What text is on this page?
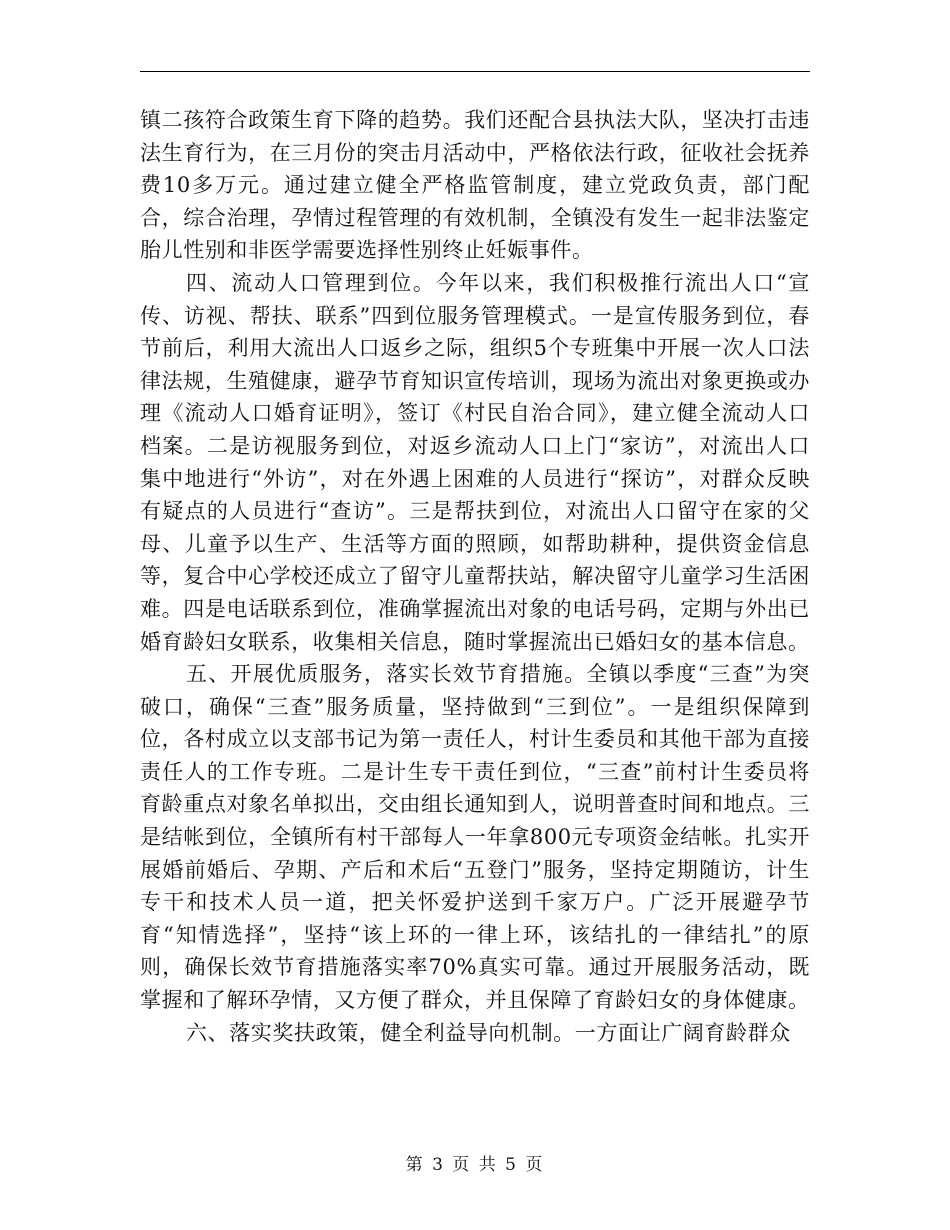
镇二孩符合政策生育下降的趋势。我们还配合县执法大队，坚决打击违法生育行为，在三月份的突击月活动中，严格依法行政，征收社会抚养费10多万元。通过建立健全严格监管制度，建立党政负责，部门配合，综合治理，孕情过程管理的有效机制，全镇没有发生一起非法鉴定胎儿性别和非医学需要选择性别终止妊娠事件。

四、流动人口管理到位。今年以来，我们积极推行流出人口“宣传、访视、帮扶、联系”四到位服务管理模式。一是宣传服务到位，春节前后，利用大流出人口返乡之际，组织5个专班集中开展一次人口法律法规，生殖健康，避孕节育知识宣传培训，现场为流出对象更换或办理《流动人口婚育证明》，签订《村民自治合同》，建立健全流动人口档案。二是访视服务到位，对返乡流动人口上门“家访”，对流出人口集中地进行“外访”，对在外遇上困难的人员进行“探访”，对群众反映有疑点的人员进行“查访”。三是帮扶到位，对流出人口留守在家的父母、儿童予以生产、生活等方面的照顾，如帮助耕种，提供资金信息等，复合中心学校还成立了留守儿童帮扶站，解决留守儿童学习生活困难。四是电话联系到位，准确掌握流出对象的电话号码，定期与外出已婚育龄妇女联系，收集相关信息，随时掌握流出已婚妇女的基本信息。

五、开展优质服务，落实长效节育措施。全镇以季度“三查”为突破口，确保“三查”服务质量，坚持做到“三到位”。一是组织保障到位，各村成立以支部书记为第一责任人，村计生委员和其他干部为直接责任人的工作专班。二是计生专干责任到位，“三查”前村计生委员将育龄重点对象名单拟出，交由组长通知到人，说明普查时间和地点。三是结帐到位，全镇所有村干部每人一年拿800元专项资金结帐。扎实开展婚前婚后、孕期、产后和术后“五登门”服务，坚持定期随访，计生专干和技术人员一道，把关怀爱护送到千家万户。广泛开展避孕节育“知情选择”，坚持“该上环的一律上环，该结扎的一律结扎”的原则，确保长效节育措施落实率70%真实可靠。通过开展服务活动，既掌握和了解环孕情，又方便了群众，并且保障了育龄妇女的身体健康。

六、落实奖扶政策，健全利益导向机制。一方面让广阔育龄群众

第 3 页 共 5 页
